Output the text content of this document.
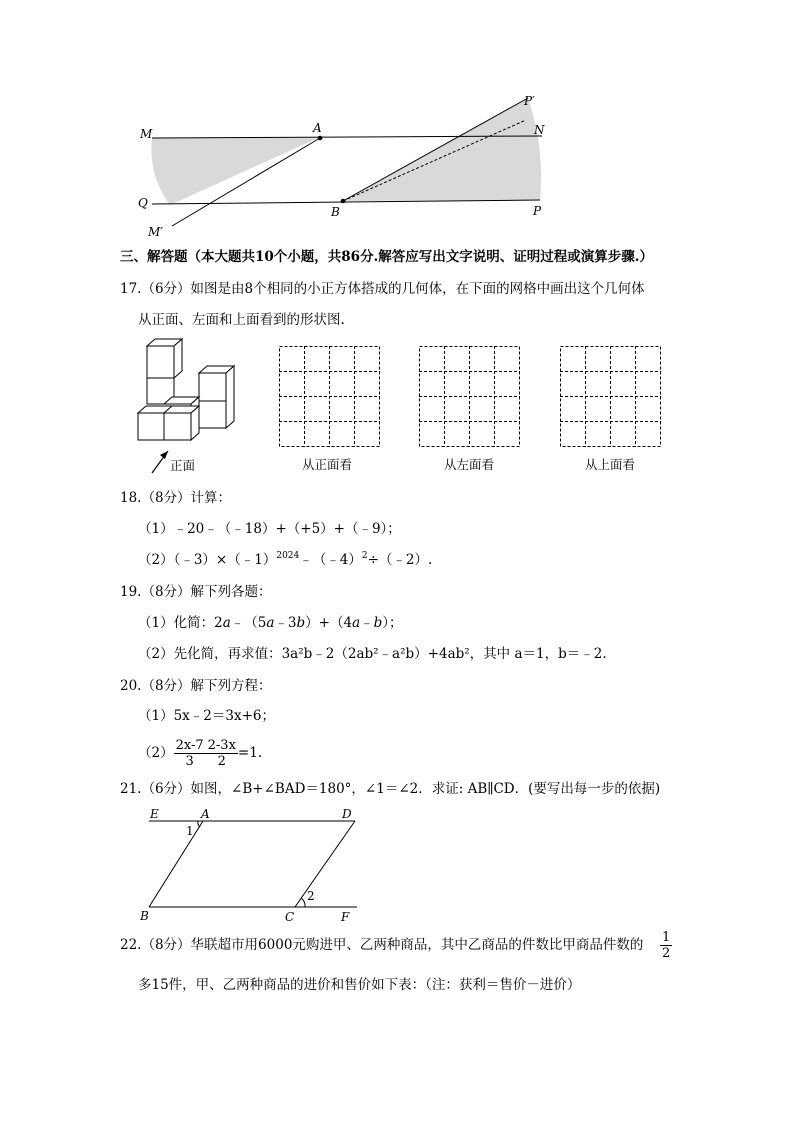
M	A
P′
N
Q
B	P
M′
三、解答题（本大题共10个小题，共86分.解答应写出文字说明、证明过程或演算步骤.）
17.（6分）如图是由8个相同的小正方体搭成的几何体，在下面的网格中画出这个几何体
从正面、左面和上面看到的形状图.
正面	从正面看	从左面看	从上面看
18.（8分）计算：
（1）﹣20﹣（﹣18）+（+5）+（﹣9）；
（2）（﹣3）×（﹣1）$^{2024}$﹣（﹣4）$^2$÷（﹣2）.
19.（8分）解下列各题：
（1）化简：2a﹣（5a﹣3b）+（4a﹣b）；
（2）先化简，再求值：3a²b﹣2（2ab²﹣a²b）+4ab²，其中 a＝1，b＝﹣2.
20.（8分）解下列方程：
（1）5x﹣2＝3x+6；
$(2) \frac{2x-7}{3} \frac{2-3x}{2} =1$.
21.（6分）如图，∠B+∠BAD＝180°，∠1＝∠2．求证: AB∥CD．(要写出每一步的依据)
E	A	D
1
2
B	C	F
22.（8分）华联超市用6000元购进甲、乙两种商品，其中乙商品的件数比甲商品件数的 $\frac{1}{2}$
多15件，甲、乙两种商品的进价和售价如下表：（注：获利＝售价－进价）
